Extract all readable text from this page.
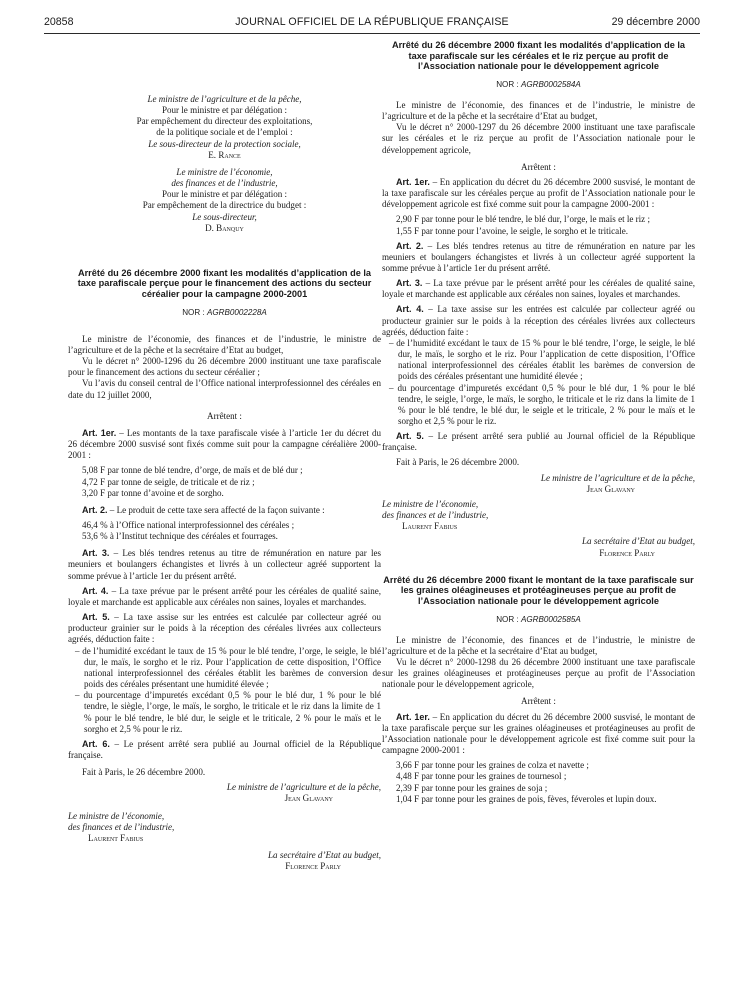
20858	JOURNAL OFFICIEL DE LA RÉPUBLIQUE FRANÇAISE	29 décembre 2000

Le ministre de l’agriculture et de la pêche,

Pour le ministre et par délégation :

Par empêchement du directeur des exploitations,

de la politique sociale et de l’emploi :

Le sous-directeur de la protection sociale,

E. Rance

Le ministre de l’économie,

des finances et de l’industrie,

Pour le ministre et par délégation :

Par empêchement de la directrice du budget :

Le sous-directeur,

D. Banquy

Arrêté du 26 décembre 2000 fixant les modalités d’application de la taxe parafiscale perçue pour le financement des actions du secteur céréalier pour la campagne 2000-2001

NOR : AGRB0002228A

Le ministre de l’économie, des finances et de l’industrie, le ministre de l’agriculture et de la pêche et la secrétaire d’Etat au budget,

Vu le décret n° 2000-1296 du 26 décembre 2000 instituant une taxe parafiscale pour le financement des actions du secteur céréalier ;

Vu l’avis du conseil central de l’Office national interprofessionnel des céréales en date du 12 juillet 2000,

Arrêtent :

Art. 1er. – Les montants de la taxe parafiscale visée à l’article 1er du décret du 26 décembre 2000 susvisé sont fixés comme suit pour la campagne céréalière 2000-2001 :

5,08 F par tonne de blé tendre, d’orge, de maïs et de blé dur ;

4,72 F par tonne de seigle, de triticale et de riz ;

3,20 F par tonne d’avoine et de sorgho.

Art. 2. – Le produit de cette taxe sera affecté de la façon suivante :

46,4 % à l’Office national interprofessionnel des céréales ;

53,6 % à l’Institut technique des céréales et fourrages.

Art. 3. – Les blés tendres retenus au titre de rémunération en nature par les meuniers et boulangers échangistes et livrés à un collecteur agréé supportent la somme prévue à l’article 1er du présent arrêté.

Art. 4. – La taxe prévue par le présent arrêté pour les céréales de qualité saine, loyale et marchande est applicable aux céréales non saines, loyales et marchandes.

Art. 5. – La taxe assise sur les entrées est calculée par collecteur agréé ou producteur grainier sur le poids à la réception des céréales livrées aux collecteurs agréés, déduction faite :

– de l’humidité excédant le taux de 15 % pour le blé tendre, l’orge, le seigle, le blé dur, le maïs, le sorgho et le riz. Pour l’application de cette disposition, l’Office national interprofessionnel des céréales établit les barèmes de conversion de poids des céréales présentant une humidité élevée ;

– du pourcentage d’impuretés excédant 0,5 % pour le blé dur, 1 % pour le blé tendre, le siègle, l’orge, le maïs, le sorgho, le triticale et le riz dans la limite de 1 % pour le blé tendre, le blé dur, le seigle et le triticale, 2 % pour le maïs et le sorgho et 2,5 % pour le riz.

Art. 6. – Le présent arrêté sera publié au Journal officiel de la République française.

Fait à Paris, le 26 décembre 2000.

Le ministre de l’agriculture et de la pêche,

Jean Glavany

Le ministre de l’économie,

des finances et de l’industrie,

Laurent Fabius

La secrétaire d’Etat au budget,

Florence Parly

Arrêté du 26 décembre 2000 fixant les modalités d’application de la taxe parafiscale sur les céréales et le riz perçue au profit de l’Association nationale pour le développement agricole

NOR : AGRB0002584A

Le ministre de l’économie, des finances et de l’industrie, le ministre de l’agriculture et de la pêche et la secrétaire d’Etat au budget,

Vu le décret n° 2000-1297 du 26 décembre 2000 instituant une taxe parafiscale sur les céréales et le riz perçue au profit de l’Association nationale pour le développement agricole,

Arrêtent :

Art. 1er. – En application du décret du 26 décembre 2000 susvisé, le montant de la taxe parafiscale sur les céréales perçue au profit de l’Association nationale pour le développement agricole est fixé comme suit pour la campagne 2000-2001 :

2,90 F par tonne pour le blé tendre, le blé dur, l’orge, le maïs et le riz ;

1,55 F par tonne pour l’avoine, le seigle, le sorgho et le triticale.

Art. 2. – Les blés tendres retenus au titre de rémunération en nature par les meuniers et boulangers échangistes et livrés à un collecteur agréé supportent la somme prévue à l’article 1er du présent arrêté.

Art. 3. – La taxe prévue par le présent arrêté pour les céréales de qualité saine, loyale et marchande est applicable aux céréales non saines, loyales et marchandes.

Art. 4. – La taxe assise sur les entrées est calculée par collecteur agréé ou producteur grainier sur le poids à la réception des céréales livrées aux collecteurs agréés, déduction faite :

– de l’humidité excédant le taux de 15 % pour le blé tendre, l’orge, le seigle, le blé dur, le maïs, le sorgho et le riz. Pour l’application de cette disposition, l’Office national interprofessionnel des céréales établit les barèmes de conversion de poids des céréales présentant une humidité élevée ;

– du pourcentage d’impuretés excédant 0,5 % pour le blé dur, 1 % pour le blé tendre, le seigle, l’orge, le maïs, le sorgho, le triticale et le riz dans la limite de 1 % pour le blé tendre, le blé dur, le seigle et le triticale, 2 % pour le maïs et le sorgho et 2,5 % pour le riz.

Art. 5. – Le présent arrêté sera publié au Journal officiel de la République française.

Fait à Paris, le 26 décembre 2000.

Le ministre de l’agriculture et de la pêche,

Jean Glavany

Le ministre de l’économie,

des finances et de l’industrie,

Laurent Fabius

La secrétaire d’Etat au budget,

Florence Parly

Arrêté du 26 décembre 2000 fixant le montant de la taxe parafiscale sur les graines oléagineuses et protéagineuses perçue au profit de l’Association nationale pour le développement agricole

NOR : AGRB0002585A

Le ministre de l’économie, des finances et de l’industrie, le ministre de l’agriculture et de la pêche et la secrétaire d’Etat au budget,

Vu le décret n° 2000-1298 du 26 décembre 2000 instituant une taxe parafiscale sur les graines oléagineuses et protéagineuses perçue au profit de l’Association nationale pour le développement agricole,

Arrêtent :

Art. 1er. – En application du décret du 26 décembre 2000 susvisé, le montant de la taxe parafiscale perçue sur les graines oléagineuses et protéagineuses au profit de l’Association nationale pour le développement agricole est fixé comme suit pour la campagne 2000-2001 :

3,66 F par tonne pour les graines de colza et navette ;

4,48 F par tonne pour les graines de tournesol ;

2,39 F par tonne pour les graines de soja ;

1,04 F par tonne pour les graines de pois, fèves, féveroles et lupin doux.
